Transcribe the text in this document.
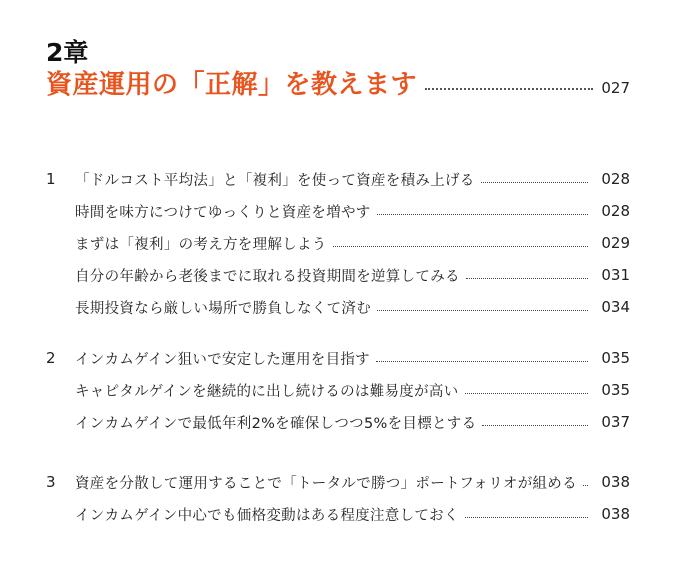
2章
資産運用の「正解」を教えます	027
1	「ドルコスト平均法」と「複利」を使って資産を積み上げる	028
時間を味方につけてゆっくりと資産を増やす	028
まずは「複利」の考え方を理解しよう	029
自分の年齢から老後までに取れる投資期間を逆算してみる	031
長期投資なら厳しい場所で勝負しなくて済む	034
2	インカムゲイン狙いで安定した運用を目指す	035
キャピタルゲインを継続的に出し続けるのは難易度が高い	035
インカムゲインで最低年利2%を確保しつつ5%を目標とする	037
3	資産を分散して運用することで「トータルで勝つ」ポートフォリオが組める	038
インカムゲイン中心でも価格変動はある程度注意しておく	038
